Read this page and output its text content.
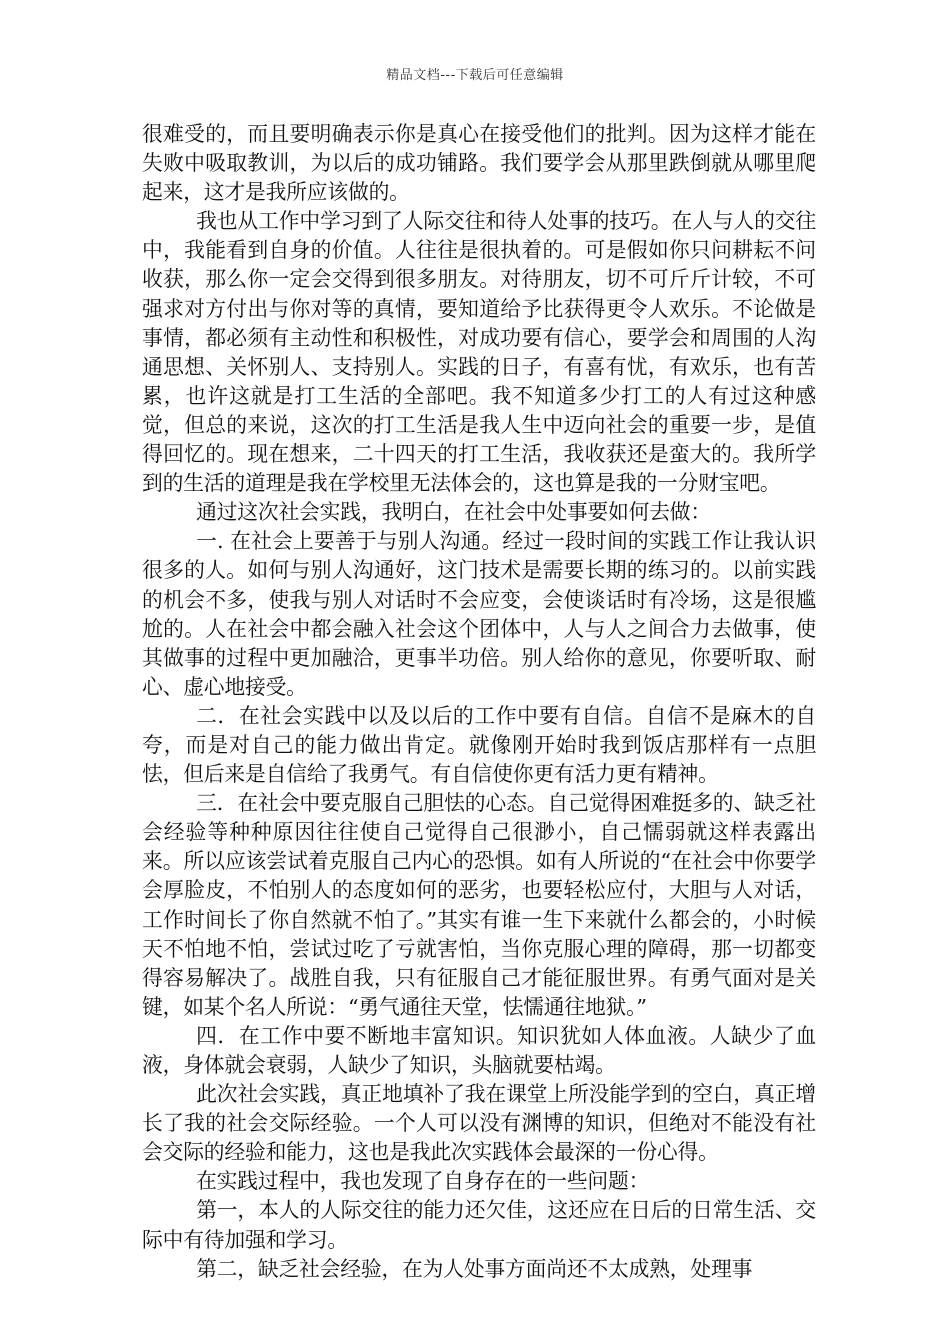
精品文档---下载后可任意编辑

很难受的，而且要明确表示你是真心在接受他们的批判。因为这样才能在失败中吸取教训，为以后的成功铺路。我们要学会从那里跌倒就从哪里爬起来，这才是我所应该做的。

我也从工作中学习到了人际交往和待人处事的技巧。在人与人的交往中，我能看到自身的价值。人往往是很执着的。可是假如你只问耕耘不问收获，那么你一定会交得到很多朋友。对待朋友，切不可斤斤计较，不可强求对方付出与你对等的真情，要知道给予比获得更令人欢乐。不论做是事情，都必须有主动性和积极性，对成功要有信心，要学会和周围的人沟通思想、关怀别人、支持别人。实践的日子，有喜有忧，有欢乐，也有苦累，也许这就是打工生活的全部吧。我不知道多少打工的人有过这种感觉，但总的来说，这次的打工生活是我人生中迈向社会的重要一步，是值得回忆的。现在想来，二十四天的打工生活，我收获还是蛮大的。我所学到的生活的道理是我在学校里无法体会的，这也算是我的一分财宝吧。

通过这次社会实践，我明白，在社会中处事要如何去做：

一. 在社会上要善于与别人沟通。经过一段时间的实践工作让我认识很多的人。如何与别人沟通好，这门技术是需要长期的练习的。以前实践的机会不多，使我与别人对话时不会应变，会使谈话时有冷场，这是很尴尬的。人在社会中都会融入社会这个团体中，人与人之间合力去做事，使其做事的过程中更加融洽，更事半功倍。别人给你的意见，你要听取、耐心、虚心地接受。

二．在社会实践中以及以后的工作中要有自信。自信不是麻木的自夸，而是对自己的能力做出肯定。就像刚开始时我到饭店那样有一点胆怯，但后来是自信给了我勇气。有自信使你更有活力更有精神。

三．在社会中要克服自己胆怯的心态。自己觉得困难挺多的、缺乏社会经验等种种原因往往使自己觉得自己很渺小，自己懦弱就这样表露出来。所以应该尝试着克服自己内心的恐惧。如有人所说的“在社会中你要学会厚脸皮，不怕别人的态度如何的恶劣，也要轻松应付，大胆与人对话，工作时间长了你自然就不怕了。”其实有谁一生下来就什么都会的，小时候天不怕地不怕，尝试过吃了亏就害怕，当你克服心理的障碍，那一切都变得容易解决了。战胜自我，只有征服自己才能征服世界。有勇气面对是关键，如某个名人所说：“勇气通往天堂，怯懦通往地狱。”

四．在工作中要不断地丰富知识。知识犹如人体血液。人缺少了血液，身体就会衰弱，人缺少了知识，头脑就要枯竭。

此次社会实践，真正地填补了我在课堂上所没能学到的空白，真正增长了我的社会交际经验。一个人可以没有渊博的知识，但绝对不能没有社会交际的经验和能力，这也是我此次实践体会最深的一份心得。

在实践过程中，我也发现了自身存在的一些问题：

第一，本人的人际交往的能力还欠佳，这还应在日后的日常生活、交际中有待加强和学习。

第二，缺乏社会经验，在为人处事方面尚还不太成熟，处理事
